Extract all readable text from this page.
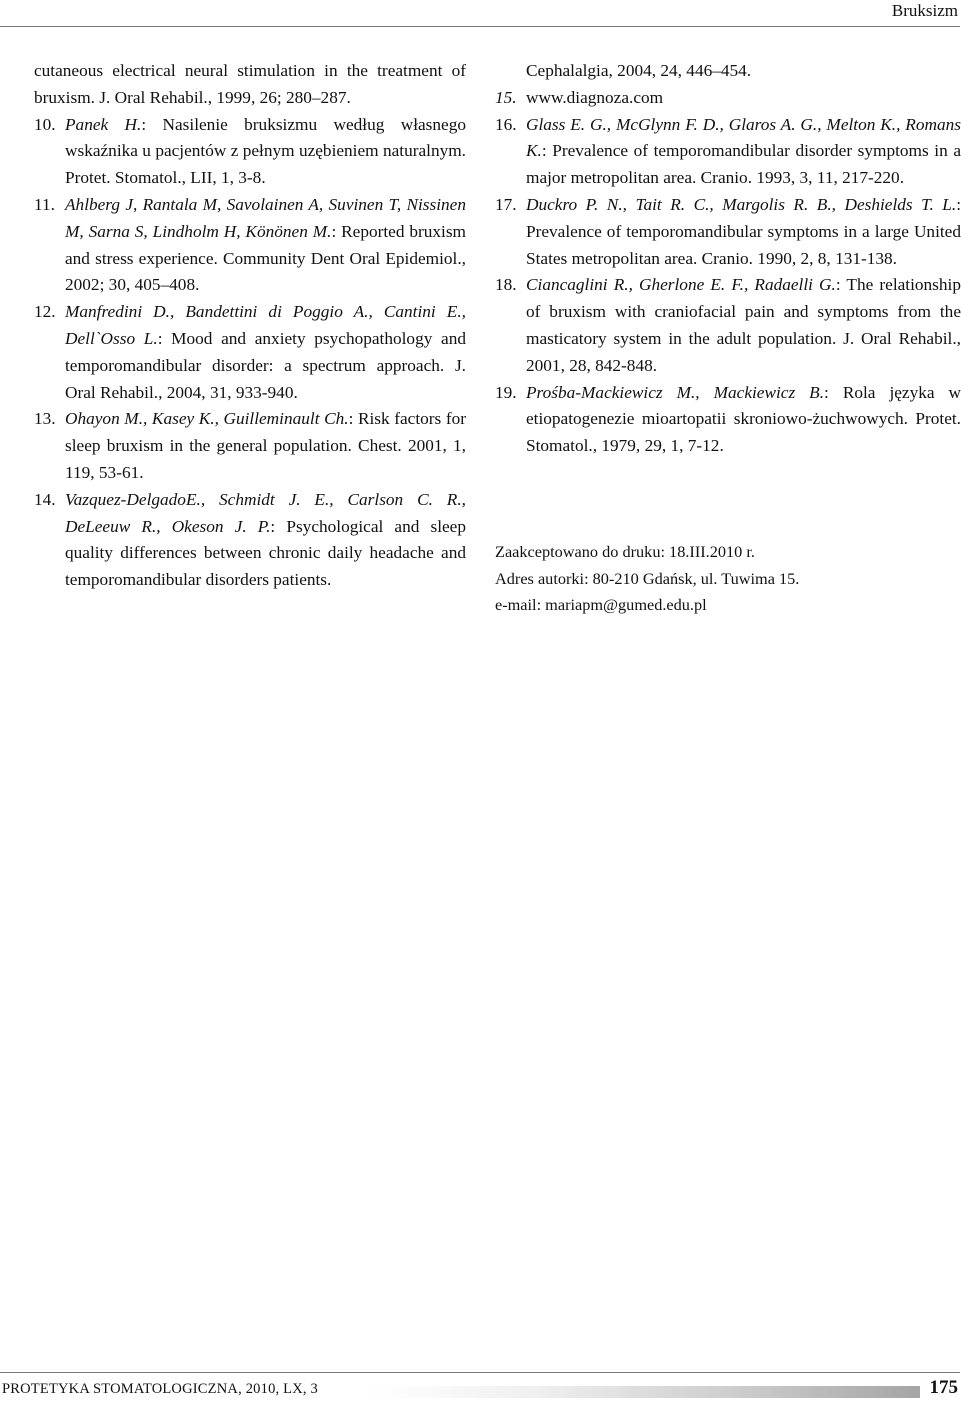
Bruksizm
cutaneous electrical neural stimulation in the treatment of bruxism. J. Oral Rehabil., 1999, 26; 280–287.
10. Panek H.: Nasilenie bruksizmu według własnego wskaźnika u pacjentów z pełnym uzębieniem naturalnym. Protet. Stomatol., LII, 1, 3-8.
11. Ahlberg J, Rantala M, Savolainen A, Suvinen T, Nissinen M, Sarna S, Lindholm H, Könönen M.: Reported bruxism and stress experience. Community Dent Oral Epidemiol., 2002; 30, 405–408.
12. Manfredini D., Bandettini di Poggio A., Cantini E., Dell`Osso L.: Mood and anxiety psychopathology and temporomandibular disorder: a spectrum approach. J. Oral Rehabil., 2004, 31, 933-940.
13. Ohayon M., Kasey K., Guilleminault Ch.: Risk factors for sleep bruxism in the general population. Chest. 2001, 1, 119, 53-61.
14. Vazquez-DelgadoE., Schmidt J. E., Carlson C. R., DeLeeuw R., Okeson J. P.: Psychological and sleep quality differences between chronic daily headache and temporomandibular disorders patients.
Cephalalgia, 2004, 24, 446–454.
15. www.diagnoza.com
16. Glass E. G., McGlynn F. D., Glaros A. G., Melton K., Romans K.: Prevalence of temporomandibular disorder symptoms in a major metropolitan area. Cranio. 1993, 3, 11, 217-220.
17. Duckro P. N., Tait R. C., Margolis R. B., Deshields T. L.: Prevalence of temporomandibular symptoms in a large United States metropolitan area. Cranio. 1990, 2, 8, 131-138.
18. Ciancaglini R., Gherlone E. F., Radaelli G.: The relationship of bruxism with craniofacial pain and symptoms from the masticatory system in the adult population. J. Oral Rehabil., 2001, 28, 842-848.
19. Prośba-Mackiewicz M., Mackiewicz B.: Rola języka w etiopatogenezie mioartopatii skroniowo-żuchwowych. Protet. Stomatol., 1979, 29, 1, 7-12.
Zaakceptowano do druku: 18.III.2010 r.
Adres autorki: 80-210 Gdańsk, ul. Tuwima 15.
e-mail: mariapm@gumed.edu.pl
PROTETYKA STOMATOLOGICZNA, 2010, LX, 3	175
